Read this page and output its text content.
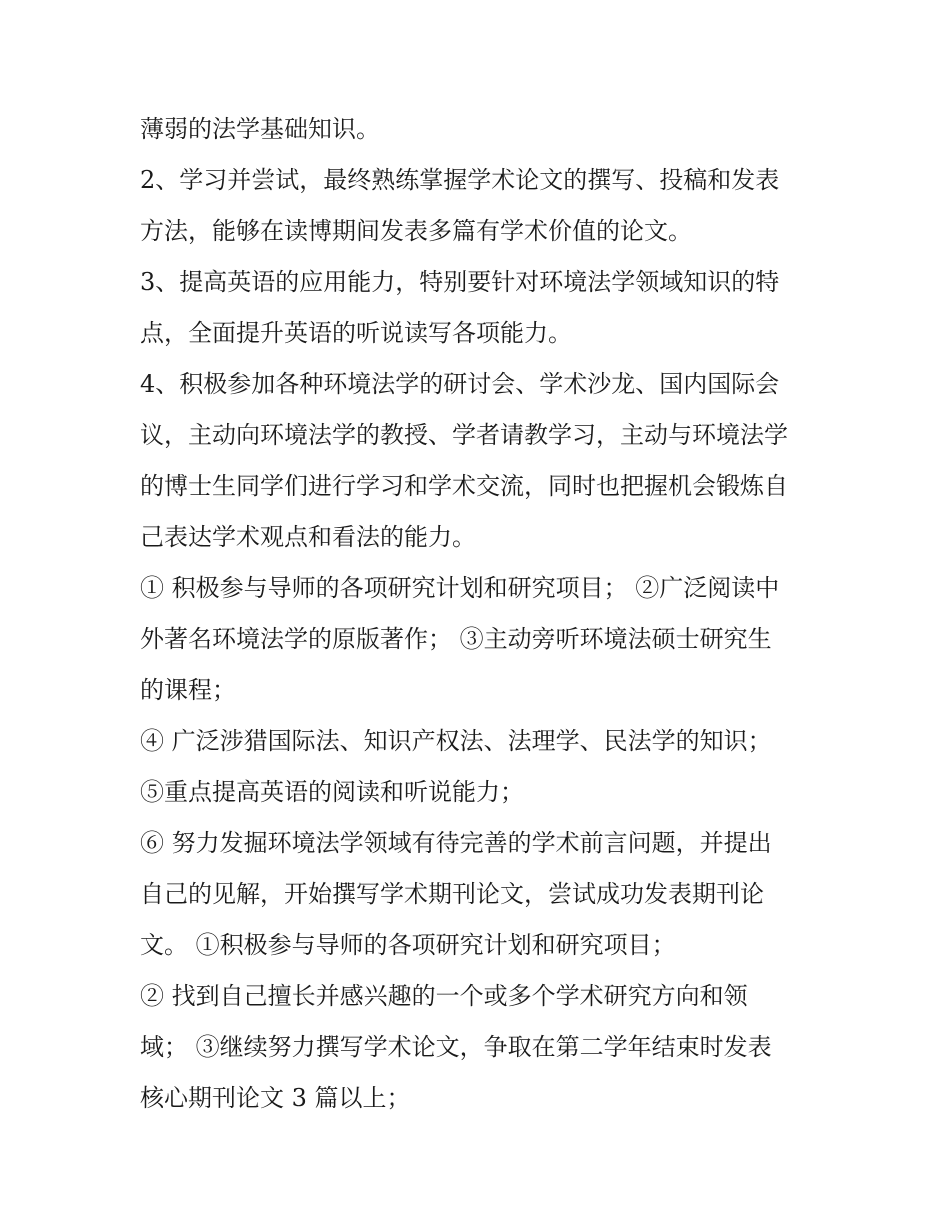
薄弱的法学基础知识。
2、学习并尝试，最终熟练掌握学术论文的撰写、投稿和发表
方法，能够在读博期间发表多篇有学术价值的论文。
3、提高英语的应用能力，特别要针对环境法学领域知识的特
点，全面提升英语的听说读写各项能力。
4、积极参加各种环境法学的研讨会、学术沙龙、国内国际会
议，主动向环境法学的教授、学者请教学习，主动与环境法学
的博士生同学们进行学习和学术交流，同时也把握机会锻炼自
己表达学术观点和看法的能力。
① 积极参与导师的各项研究计划和研究项目； ②广泛阅读中
外著名环境法学的原版著作； ③主动旁听环境法硕士研究生
的课程；
④ 广泛涉猎国际法、知识产权法、法理学、民法学的知识；
⑤重点提高英语的阅读和听说能力；
⑥ 努力发掘环境法学领域有待完善的学术前言问题，并提出
自己的见解，开始撰写学术期刊论文，尝试成功发表期刊论
文。 ①积极参与导师的各项研究计划和研究项目；
② 找到自己擅长并感兴趣的一个或多个学术研究方向和领
域； ③继续努力撰写学术论文，争取在第二学年结束时发表
核心期刊论文 3 篇以上；
